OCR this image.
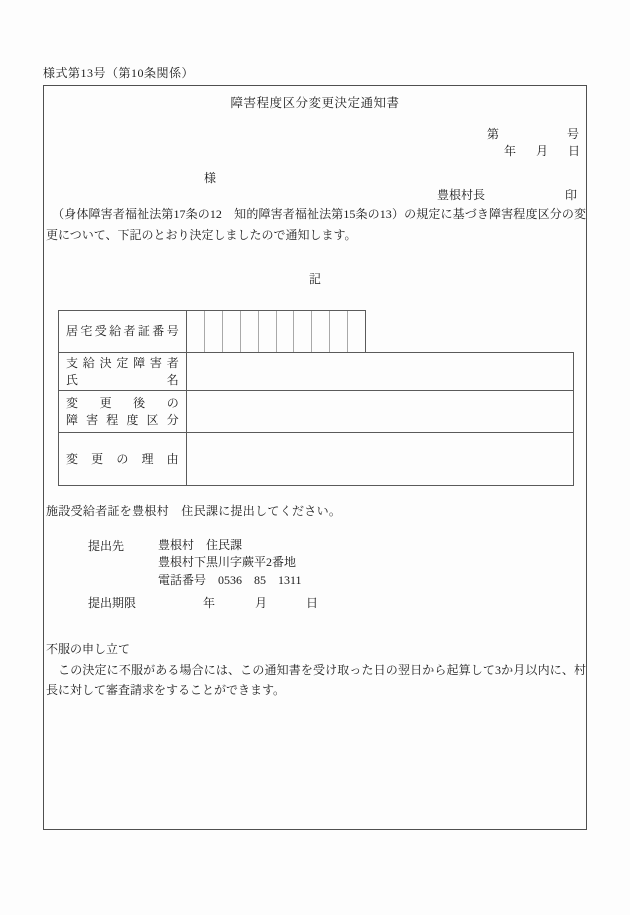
様式第13号（第10条関係）
障害程度区分変更決定通知書
第	号
年 月 日
様
豊根村長	印
　（身体障害者福祉法第17条の12　知的障害者福祉法第15条の13）の規定に基づき障害程度区分の変更について、下記のとおり決定しましたので通知します。
記
居宅受給者証番号
支給決定障害者
氏名
変更後の
障害程度区分
変更の理由
施設受給者証を豊根村　住民課に提出してください。
提出先	豊根村　住民課
豊根村下黒川字蕨平2番地
電話番号　0536　85　1311
提出期限	年	月	日
不服の申し立て
　この決定に不服がある場合には、この通知書を受け取った日の翌日から起算して3か月以内に、村長に対して審査請求をすることができます。
